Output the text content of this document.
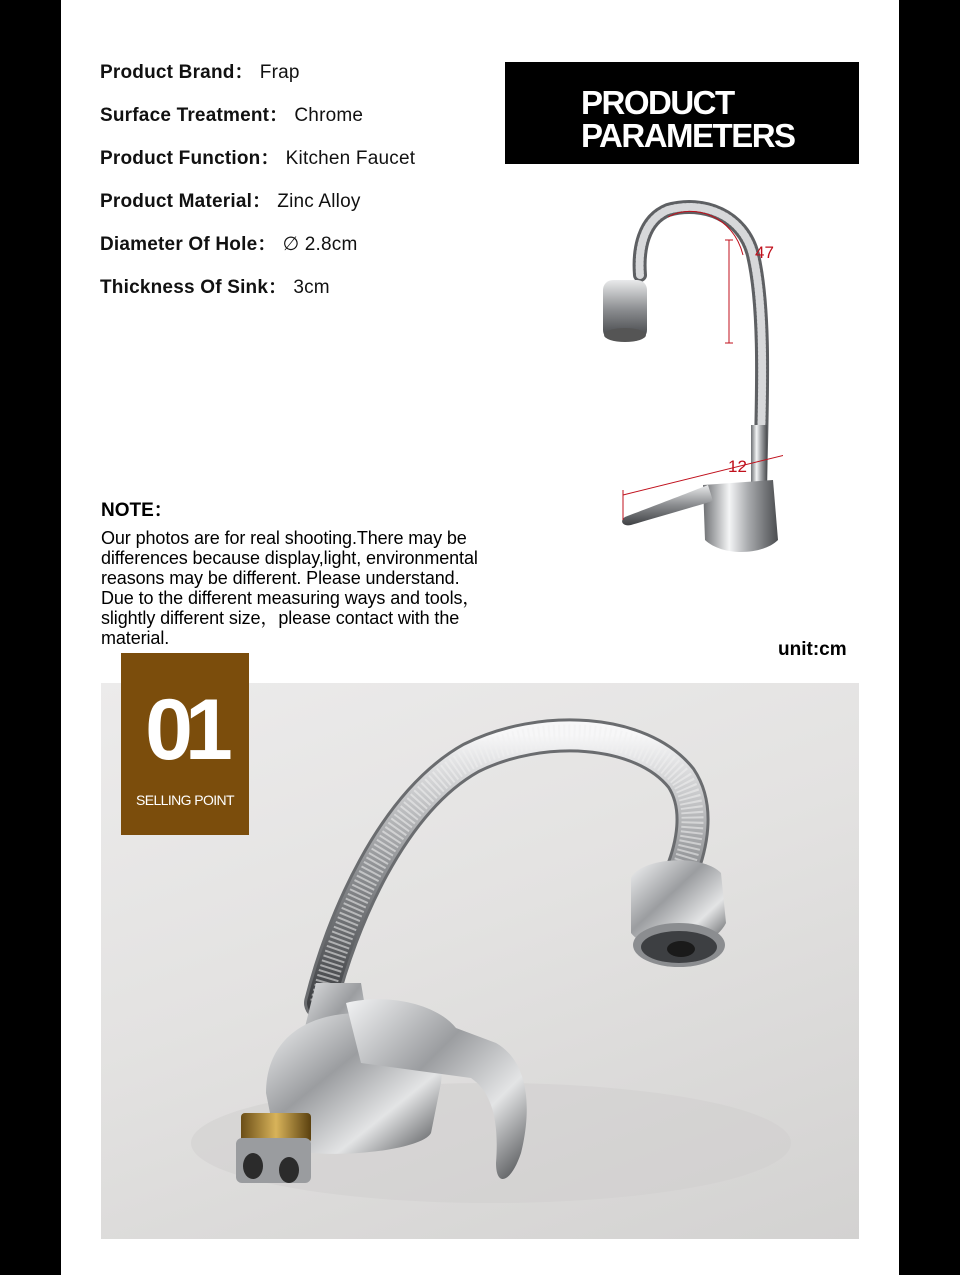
Product Brand： Frap
Surface Treatment： Chrome
Product Function： Kitchen Faucet
Product Material： Zinc Alloy
Diameter Of Hole： ∅ 2.8cm
Thickness Of Sink： 3cm
PRODUCT
PARAMETERS
47
12
NOTE：
Our photos are for real shooting.There may be
differences because display,light, environmental
reasons may be different. Please understand.
Due to the different measuring ways and tools，
slightly different size，please contact with the
material.
unit:cm
01
SELLING POINT
